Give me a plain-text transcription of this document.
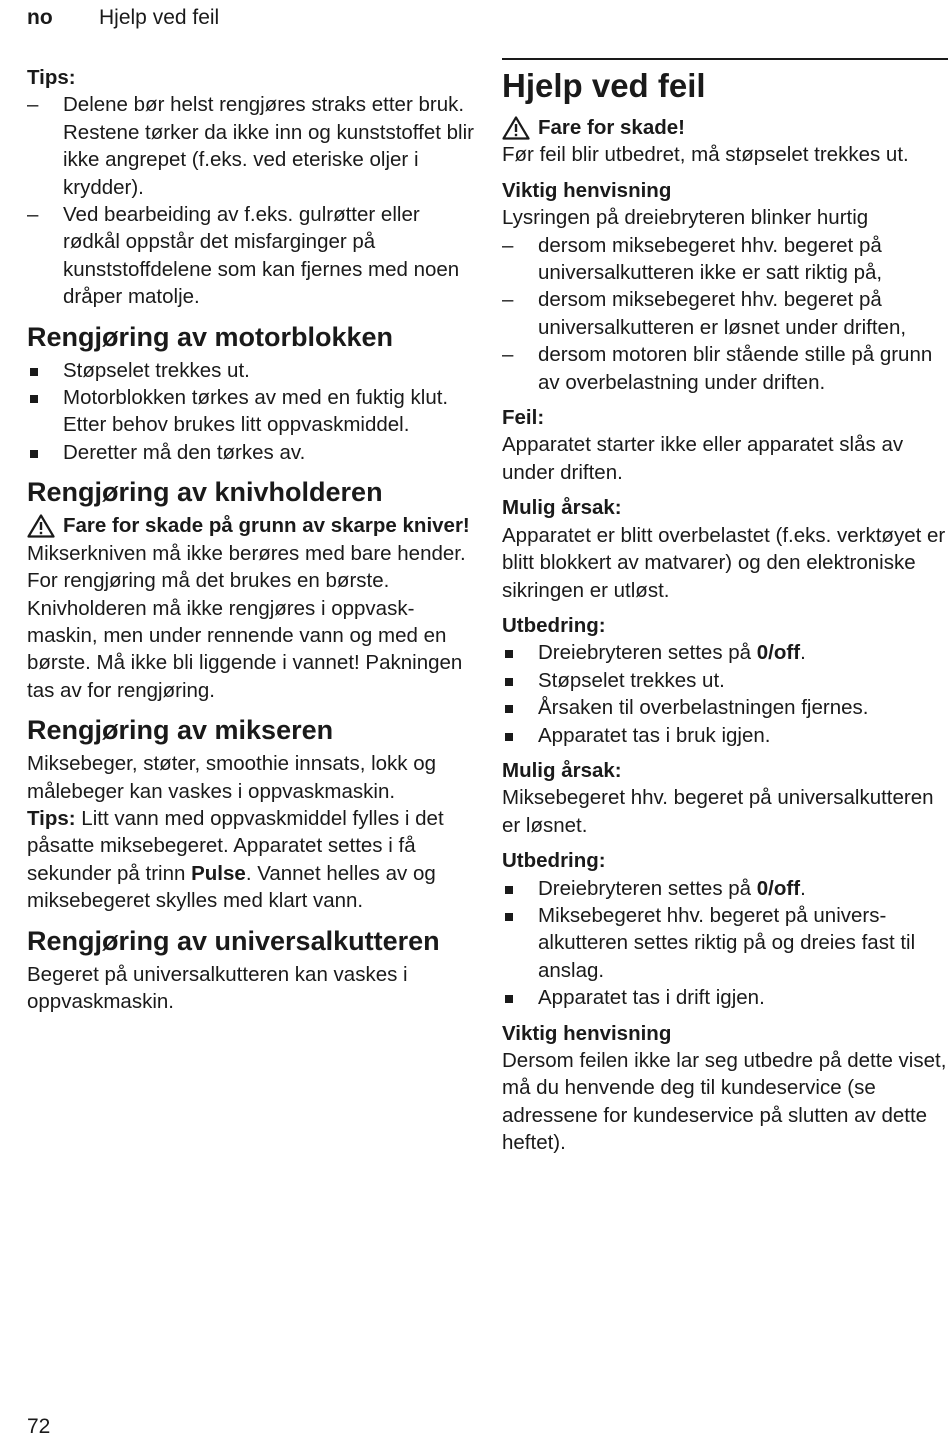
no Hjelp ved feil

Tips:

–	Delene bør helst rengjøres straks etter bruk. Restene tørker da ikke inn og kunststoffet blir ikke angrepet (f.eks. ved eteriske oljer i krydder).
–	Ved bearbeiding av f.eks. gulrøtter eller rødkål oppstår det misfarginger på kunststoffdelene som kan fjernes med noen dråper matolje.
Rengjøring av motorblokken
Støpselet trekkes ut.
Motorblokken tørkes av med en fuktig klut. Etter behov brukes litt oppvaskmiddel.
Deretter må den tørkes av.
Rengjøring av knivholderen
Fare for skade på grunn av skarpe kniver!

Mikserkniven må ikke berøres med bare hender. For rengjøring må det brukes en børste.

Knivholderen må ikke rengjøres i oppvaskmaskin, men under rennende vann og med en børste. Må ikke bli liggende i vannet! Pakningen tas av for rengjøring.

Rengjøring av mikseren

Miksebeger, støter, smoothie innsats, lokk og målebeger kan vaskes i oppvaskmaskin.

Tips: Litt vann med oppvaskmiddel fylles i det påsatte miksebegeret. Apparatet settes i få sekunder på trinn Pulse. Vannet helles av og miksebegeret skylles med klart vann.

Rengjøring av universalkutteren

Begeret på universalkutteren kan vaskes i oppvaskmaskin.

Hjelp ved feil
Fare for skade!

Før feil blir utbedret, må støpselet trekkes ut.

Viktig henvisning

Lysringen på dreiebryteren blinker hurtig

–	dersom miksebegeret hhv. begeret på universalkutteren ikke er satt riktig på,
–	dersom miksebegeret hhv. begeret på universalkutteren er løsnet under driften,
–	dersom motoren blir stående stille på grunn av overbelastning under driften.

Feil:

Apparatet starter ikke eller apparatet slås av under driften.

Mulig årsak:

Apparatet er blitt overbelastet (f.eks. verktøyet er blitt blokkert av matvarer) og den elektroniske sikringen er utløst.

Utbedring:

Dreiebryteren settes på 0/off.
Støpselet trekkes ut.
Årsaken til overbelastningen fjernes.
Apparatet tas i bruk igjen.

Mulig årsak:

Miksebegeret hhv. begeret på universalkutteren er løsnet.

Utbedring:

Dreiebryteren settes på 0/off.
Miksebegeret hhv. begeret på universalkutteren settes riktig på og dreies fast til anslag.
Apparatet tas i drift igjen.

Viktig henvisning

Dersom feilen ikke lar seg utbedre på dette viset, må du henvende deg til kundeservice (se adressene for kundeservice på slutten av dette heftet).

72
